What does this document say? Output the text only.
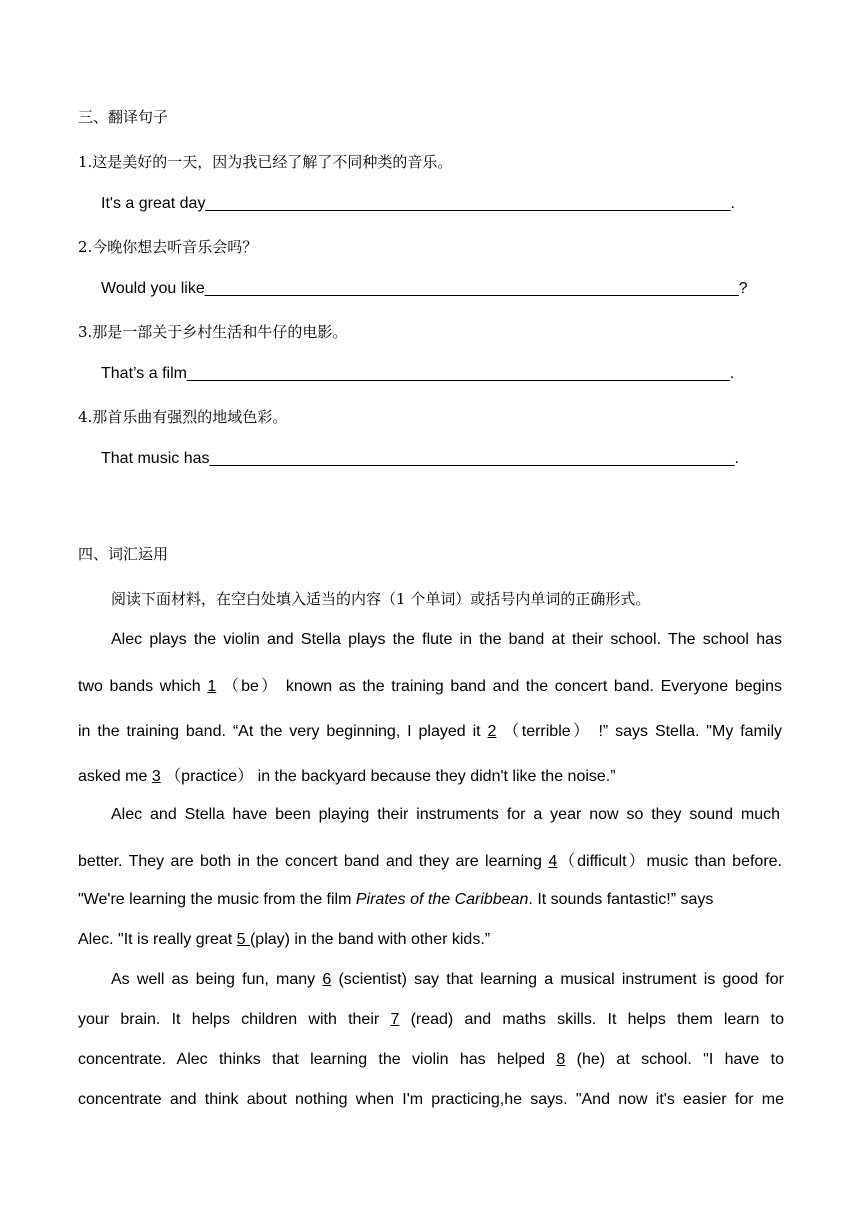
三、翻译句子
1.这是美好的一天，因为我已经了解了不同种类的音乐。
It's a great day___________________________________________________________.
2.今晚你想去听音乐会吗？
Would you like____________________________________________________________?
3.那是一部关于乡村生活和牛仔的电影。
That’s a film_____________________________________________________________.
4.那首乐曲有强烈的地域色彩。
That music has___________________________________________________________.
四、词汇运用
阅读下面材料，在空白处填入适当的内容（1 个单词）或括号内单词的正确形式。
Alec plays the violin and Stella plays the flute in the band at their school. The school has
two bands which 1 （be） known as the training band and the concert band. Everyone begins
in the training band. “At the very beginning, I played it 2 （terrible） !” says Stella. "My family
asked me 3 （practice） in the backyard because they didn't like the noise.”
Alec and Stella have been playing their instruments for a year now so they sound much
better. They are both in the concert band and they are learning 4（difficult）music than before.
"We're learning the music from the film Pirates of the Caribbean. It sounds fantastic!” says
Alec. "It is really great 5 (play) in the band with other kids.”
As well as being fun, many 6 (scientist) say that learning a musical instrument is good for
your brain. It helps children with their 7 (read) and maths skills. It helps them learn to
concentrate. Alec thinks that learning the violin has helped 8 (he) at school. "I have to
concentrate and think about nothing when I'm practicing,he says. "And now it's easier for me
